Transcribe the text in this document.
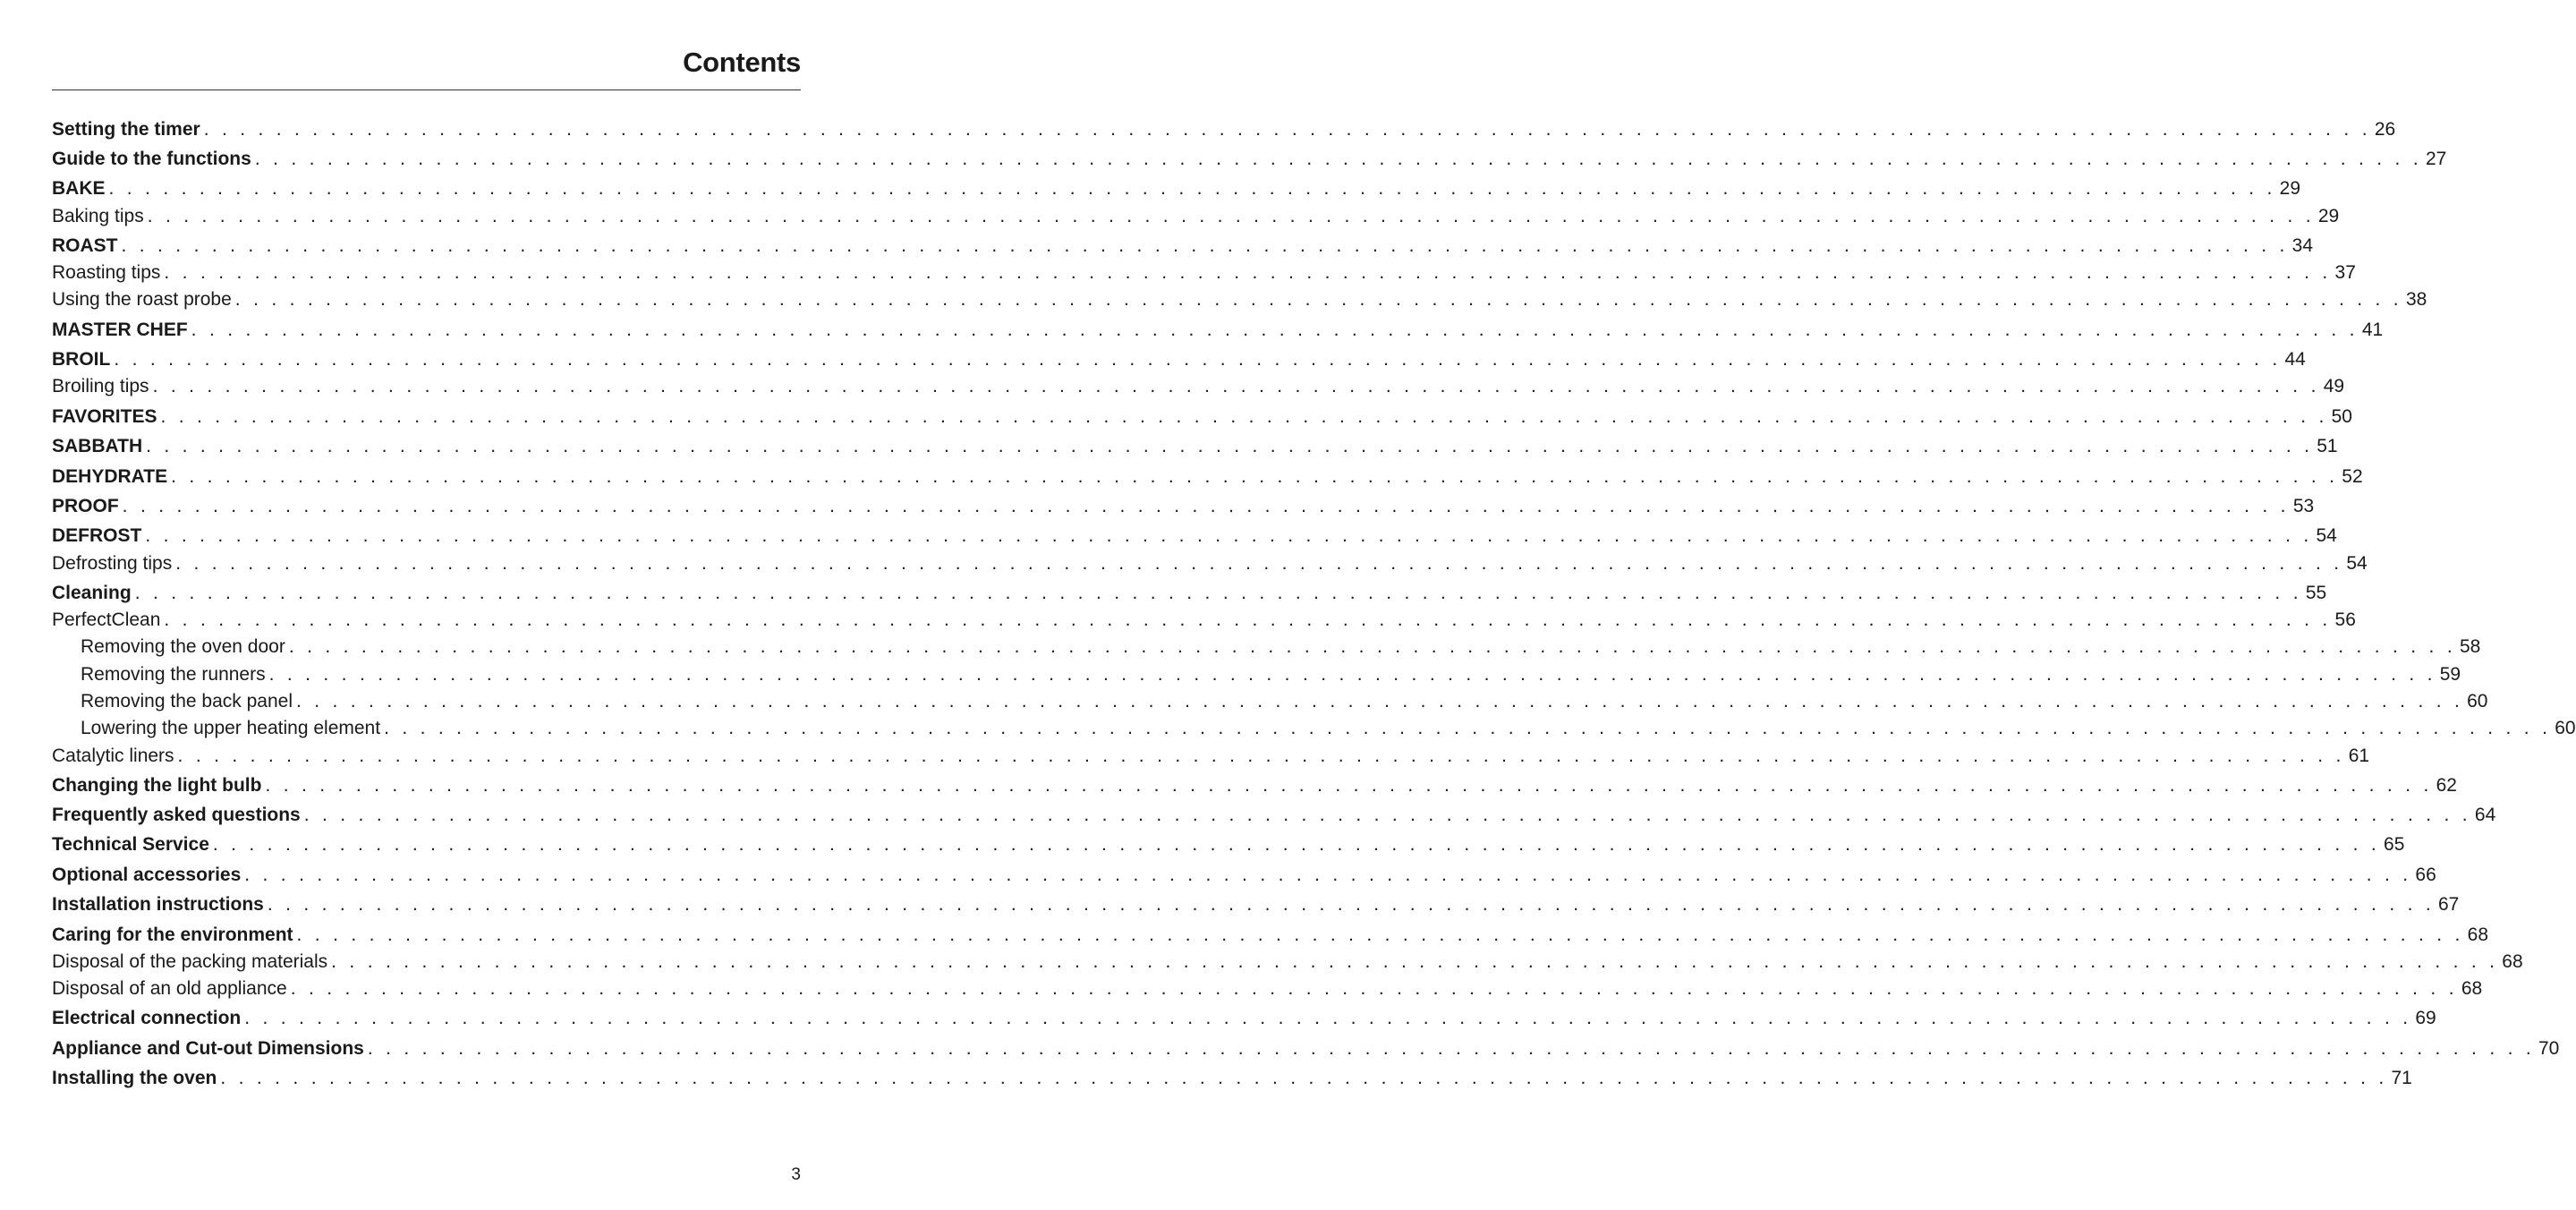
Contents
Setting the timer . . . . . . . . . . . . . . . . . . . . . . . . . . . . . . . . . . . . . . . . . . . . . . . . . . . . . . . . . . . . . . . . . . . . . . . . . . . . . . . . . . . . . . . . . . . . . . . . . . . . . . . . . . . . . . . . . . . . . . . . 26
Guide to the functions . . . . . . . . . . . . . . . . . . . . . . . . . . . . . . . . . . . . . . . . . . . . . . . . . . . . . . . . . . . . . . . . . . . . . . . . . . . . . . . . . . . . . . . . . . . . . . . . . . . . . . . . . . . . . . . . . . . . . . . . 27
BAKE . . . . . . . . . . . . . . . . . . . . . . . . . . . . . . . . . . . . . . . . . . . . . . . . . . . . . . . . . . . . . . . . . . . . . . . . . . . . . . . . . . . . . . . . . . . . . . . . . . . . . . . . . . . . . . . . . . . . . . . . 29
Baking tips . . . . . . . . . . . . . . . . . . . . . . . . . . . . . . . . . . . . . . . . . . . . . . . . . . . . . . . . . . . . . . . . . . . . . . . . . . . . . . . . . . . . . . . . . . . . . . . . . . . . . . . . . . . . . . . . . . . . . . . . 29
ROAST . . . . . . . . . . . . . . . . . . . . . . . . . . . . . . . . . . . . . . . . . . . . . . . . . . . . . . . . . . . . . . . . . . . . . . . . . . . . . . . . . . . . . . . . . . . . . . . . . . . . . . . . . . . . . . . . . . . . . . . . 34
Roasting tips . . . . . . . . . . . . . . . . . . . . . . . . . . . . . . . . . . . . . . . . . . . . . . . . . . . . . . . . . . . . . . . . . . . . . . . . . . . . . . . . . . . . . . . . . . . . . . . . . . . . . . . . . . . . . . . . . . . . . . . . 37
Using the roast probe . . . . . . . . . . . . . . . . . . . . . . . . . . . . . . . . . . . . . . . . . . . . . . . . . . . . . . . . . . . . . . . . . . . . . . . . . . . . . . . . . . . . . . . . . . . . . . . . . . . . . . . . . . . . . . . . . . . . . . . . 38
MASTER CHEF . . . . . . . . . . . . . . . . . . . . . . . . . . . . . . . . . . . . . . . . . . . . . . . . . . . . . . . . . . . . . . . . . . . . . . . . . . . . . . . . . . . . . . . . . . . . . . . . . . . . . . . . . . . . . . . . . . . . . . . . 41
BROIL . . . . . . . . . . . . . . . . . . . . . . . . . . . . . . . . . . . . . . . . . . . . . . . . . . . . . . . . . . . . . . . . . . . . . . . . . . . . . . . . . . . . . . . . . . . . . . . . . . . . . . . . . . . . . . . . . . . . . . . . 44
Broiling tips . . . . . . . . . . . . . . . . . . . . . . . . . . . . . . . . . . . . . . . . . . . . . . . . . . . . . . . . . . . . . . . . . . . . . . . . . . . . . . . . . . . . . . . . . . . . . . . . . . . . . . . . . . . . . . . . . . . . . . . . 49
FAVORITES . . . . . . . . . . . . . . . . . . . . . . . . . . . . . . . . . . . . . . . . . . . . . . . . . . . . . . . . . . . . . . . . . . . . . . . . . . . . . . . . . . . . . . . . . . . . . . . . . . . . . . . . . . . . . . . . . . . . . . . . 50
SABBATH . . . . . . . . . . . . . . . . . . . . . . . . . . . . . . . . . . . . . . . . . . . . . . . . . . . . . . . . . . . . . . . . . . . . . . . . . . . . . . . . . . . . . . . . . . . . . . . . . . . . . . . . . . . . . . . . . . . . . . . . 51
DEHYDRATE . . . . . . . . . . . . . . . . . . . . . . . . . . . . . . . . . . . . . . . . . . . . . . . . . . . . . . . . . . . . . . . . . . . . . . . . . . . . . . . . . . . . . . . . . . . . . . . . . . . . . . . . . . . . . . . . . . . . . . . . 52
PROOF . . . . . . . . . . . . . . . . . . . . . . . . . . . . . . . . . . . . . . . . . . . . . . . . . . . . . . . . . . . . . . . . . . . . . . . . . . . . . . . . . . . . . . . . . . . . . . . . . . . . . . . . . . . . . . . . . . . . . . . . 53
DEFROST . . . . . . . . . . . . . . . . . . . . . . . . . . . . . . . . . . . . . . . . . . . . . . . . . . . . . . . . . . . . . . . . . . . . . . . . . . . . . . . . . . . . . . . . . . . . . . . . . . . . . . . . . . . . . . . . . . . . . . . . 54
Defrosting tips . . . . . . . . . . . . . . . . . . . . . . . . . . . . . . . . . . . . . . . . . . . . . . . . . . . . . . . . . . . . . . . . . . . . . . . . . . . . . . . . . . . . . . . . . . . . . . . . . . . . . . . . . . . . . . . . . . . . . . . . 54
Cleaning . . . . . . . . . . . . . . . . . . . . . . . . . . . . . . . . . . . . . . . . . . . . . . . . . . . . . . . . . . . . . . . . . . . . . . . . . . . . . . . . . . . . . . . . . . . . . . . . . . . . . . . . . . . . . . . . . . . . . . . . 55
PerfectClean . . . . . . . . . . . . . . . . . . . . . . . . . . . . . . . . . . . . . . . . . . . . . . . . . . . . . . . . . . . . . . . . . . . . . . . . . . . . . . . . . . . . . . . . . . . . . . . . . . . . . . . . . . . . . . . . . . . . . . . . 56
Removing the oven door . . . . . . . . . . . . . . . . . . . . . . . . . . . . . . . . . . . . . . . . . . . . . . . . . . . . . . . . . . . . . . . . . . . . . . . . . . . . . . . . . . . . . . . . . . . . . . . . . . . . . . . . . . . . . . . . . . . . . . . . 58
Removing the runners . . . . . . . . . . . . . . . . . . . . . . . . . . . . . . . . . . . . . . . . . . . . . . . . . . . . . . . . . . . . . . . . . . . . . . . . . . . . . . . . . . . . . . . . . . . . . . . . . . . . . . . . . . . . . . . . . . . . . . . . 59
Removing the back panel . . . . . . . . . . . . . . . . . . . . . . . . . . . . . . . . . . . . . . . . . . . . . . . . . . . . . . . . . . . . . . . . . . . . . . . . . . . . . . . . . . . . . . . . . . . . . . . . . . . . . . . . . . . . . . . . . . . . . . . . 60
Lowering the upper heating element . . . . . . . . . . . . . . . . . . . . . . . . . . . . . . . . . . . . . . . . . . . . . . . . . . . . . . . . . . . . . . . . . . . . . . . . . . . . . . . . . . . . . . . . . . . . . . . . . . . . . . . . . . . . . . . . . . . . . . . . 60
Catalytic liners . . . . . . . . . . . . . . . . . . . . . . . . . . . . . . . . . . . . . . . . . . . . . . . . . . . . . . . . . . . . . . . . . . . . . . . . . . . . . . . . . . . . . . . . . . . . . . . . . . . . . . . . . . . . . . . . . . . . . . . . 61
Changing the light bulb . . . . . . . . . . . . . . . . . . . . . . . . . . . . . . . . . . . . . . . . . . . . . . . . . . . . . . . . . . . . . . . . . . . . . . . . . . . . . . . . . . . . . . . . . . . . . . . . . . . . . . . . . . . . . . . . . . . . . . . . 62
Frequently asked questions . . . . . . . . . . . . . . . . . . . . . . . . . . . . . . . . . . . . . . . . . . . . . . . . . . . . . . . . . . . . . . . . . . . . . . . . . . . . . . . . . . . . . . . . . . . . . . . . . . . . . . . . . . . . . . . . . . . . . . . . 64
Technical Service . . . . . . . . . . . . . . . . . . . . . . . . . . . . . . . . . . . . . . . . . . . . . . . . . . . . . . . . . . . . . . . . . . . . . . . . . . . . . . . . . . . . . . . . . . . . . . . . . . . . . . . . . . . . . . . . . . . . . . . . 65
Optional accessories . . . . . . . . . . . . . . . . . . . . . . . . . . . . . . . . . . . . . . . . . . . . . . . . . . . . . . . . . . . . . . . . . . . . . . . . . . . . . . . . . . . . . . . . . . . . . . . . . . . . . . . . . . . . . . . . . . . . . . . . 66
Installation instructions . . . . . . . . . . . . . . . . . . . . . . . . . . . . . . . . . . . . . . . . . . . . . . . . . . . . . . . . . . . . . . . . . . . . . . . . . . . . . . . . . . . . . . . . . . . . . . . . . . . . . . . . . . . . . . . . . . . . . . . . 67
Caring for the environment . . . . . . . . . . . . . . . . . . . . . . . . . . . . . . . . . . . . . . . . . . . . . . . . . . . . . . . . . . . . . . . . . . . . . . . . . . . . . . . . . . . . . . . . . . . . . . . . . . . . . . . . . . . . . . . . . . . . . . . . 68
Disposal of the packing materials . . . . . . . . . . . . . . . . . . . . . . . . . . . . . . . . . . . . . . . . . . . . . . . . . . . . . . . . . . . . . . . . . . . . . . . . . . . . . . . . . . . . . . . . . . . . . . . . . . . . . . . . . . . . . . . . . . . . . . . . 68
Disposal of an old appliance . . . . . . . . . . . . . . . . . . . . . . . . . . . . . . . . . . . . . . . . . . . . . . . . . . . . . . . . . . . . . . . . . . . . . . . . . . . . . . . . . . . . . . . . . . . . . . . . . . . . . . . . . . . . . . . . . . . . . . . . 68
Electrical connection . . . . . . . . . . . . . . . . . . . . . . . . . . . . . . . . . . . . . . . . . . . . . . . . . . . . . . . . . . . . . . . . . . . . . . . . . . . . . . . . . . . . . . . . . . . . . . . . . . . . . . . . . . . . . . . . . . . . . . . . 69
Appliance and Cut-out Dimensions . . . . . . . . . . . . . . . . . . . . . . . . . . . . . . . . . . . . . . . . . . . . . . . . . . . . . . . . . . . . . . . . . . . . . . . . . . . . . . . . . . . . . . . . . . . . . . . . . . . . . . . . . . . . . . . . . . . . . . . . 70
Installing the oven . . . . . . . . . . . . . . . . . . . . . . . . . . . . . . . . . . . . . . . . . . . . . . . . . . . . . . . . . . . . . . . . . . . . . . . . . . . . . . . . . . . . . . . . . . . . . . . . . . . . . . . . . . . . . . . . . . . . . . . . 71
3
